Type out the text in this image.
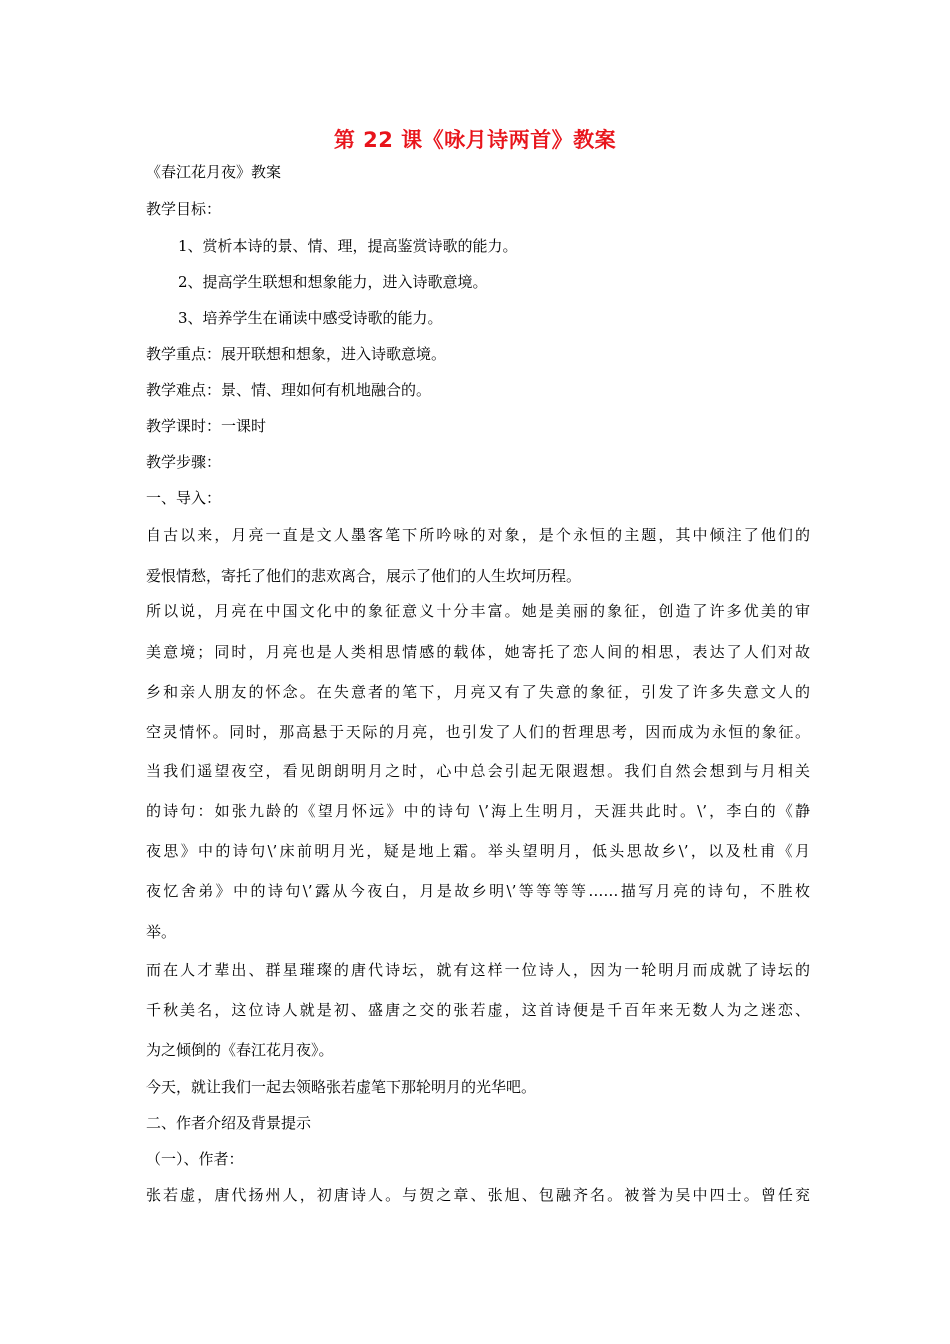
第 22 课《咏月诗两首》教案
《春江花月夜》教案
教学目标：
1、赏析本诗的景、情、理，提高鉴赏诗歌的能力。
2、提高学生联想和想象能力，进入诗歌意境。
3、培养学生在诵读中感受诗歌的能力。
教学重点：展开联想和想象，进入诗歌意境。
教学难点：景、情、理如何有机地融合的。
教学课时：一课时
教学步骤：
一、导入：
自古以来，月亮一直是文人墨客笔下所吟咏的对象，是个永恒的主题，其中倾注了他们的
爱恨情愁，寄托了他们的悲欢离合，展示了他们的人生坎坷历程。
所以说，月亮在中国文化中的象征意义十分丰富。她是美丽的象征，创造了许多优美的审
美意境；同时，月亮也是人类相思情感的载体，她寄托了恋人间的相思，表达了人们对故
乡和亲人朋友的怀念。在失意者的笔下，月亮又有了失意的象征，引发了许多失意文人的
空灵情怀。同时，那高悬于天际的月亮，也引发了人们的哲理思考，因而成为永恒的象征。
当我们遥望夜空，看见朗朗明月之时，心中总会引起无限遐想。我们自然会想到与月相关
的诗句：如张九龄的《望月怀远》中的诗句 \’海上生明月，天涯共此时。\’，李白的《静
夜思》中的诗句\’床前明月光，疑是地上霜。举头望明月，低头思故乡\’，以及杜甫《月
夜忆舍弟》中的诗句\’露从今夜白，月是故乡明\’等等等等……描写月亮的诗句，不胜枚
举。
而在人才辈出、群星璀璨的唐代诗坛，就有这样一位诗人，因为一轮明月而成就了诗坛的
千秋美名，这位诗人就是初、盛唐之交的张若虚，这首诗便是千百年来无数人为之迷恋、
为之倾倒的《春江花月夜》。
今天，就让我们一起去领略张若虚笔下那轮明月的光华吧。
二、作者介绍及背景提示
（一）、作者：
张若虚，唐代扬州人，初唐诗人。与贺之章、张旭、包融齐名。被誉为吴中四士。曾任兖
